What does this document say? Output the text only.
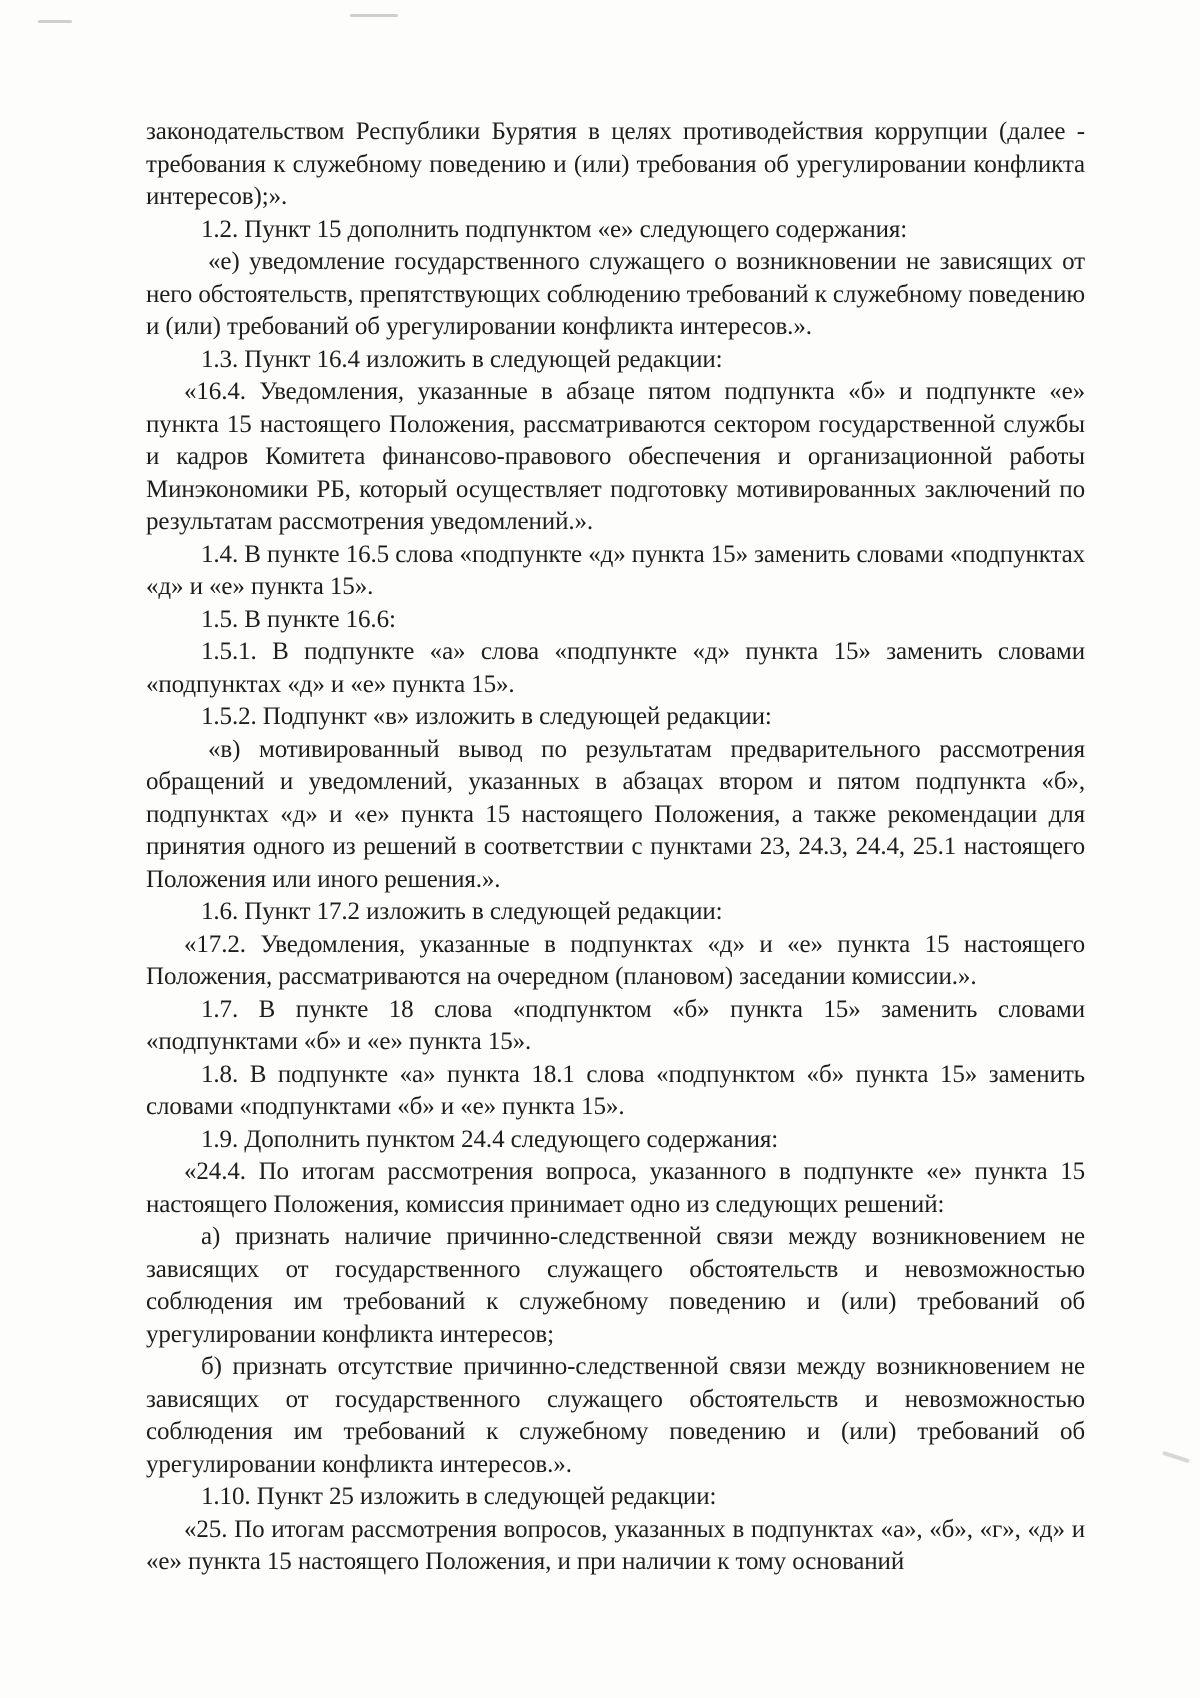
законодательством Республики Бурятия в целях противодействия коррупции (далее - требования к служебному поведению и (или) требования об урегулировании конфликта интересов);».

1.2. Пункт 15 дополнить подпунктом «е» следующего содержания:

«е) уведомление государственного служащего о возникновении не зависящих от него обстоятельств, препятствующих соблюдению требований к служебному поведению и (или) требований об урегулировании конфликта интересов.».

1.3. Пункт 16.4 изложить в следующей редакции:

«16.4. Уведомления, указанные в абзаце пятом подпункта «б» и подпункте «е» пункта 15 настоящего Положения, рассматриваются сектором государственной службы и кадров Комитета финансово-правового обеспечения и организационной работы Минэкономики РБ, который осуществляет подготовку мотивированных заключений по результатам рассмотрения уведомлений.».

1.4. В пункте 16.5 слова «подпункте «д» пункта 15» заменить словами «подпунктах «д» и «е» пункта 15».

1.5. В пункте 16.6:

1.5.1. В подпункте «а» слова «подпункте «д» пункта 15» заменить словами «подпунктах «д» и «е» пункта 15».

1.5.2. Подпункт «в» изложить в следующей редакции:

«в) мотивированный вывод по результатам предварительного рассмотрения обращений и уведомлений, указанных в абзацах втором и пятом подпункта «б», подпунктах «д» и «е» пункта 15 настоящего Положения, а также рекомендации для принятия одного из решений в соответствии с пунктами 23, 24.3, 24.4, 25.1 настоящего Положения или иного решения.».

1.6. Пункт 17.2 изложить в следующей редакции:

«17.2. Уведомления, указанные в подпунктах «д» и «е» пункта 15 настоящего Положения, рассматриваются на очередном (плановом) заседании комиссии.».

1.7. В пункте 18 слова «подпунктом «б» пункта 15» заменить словами «подпунктами «б» и «е» пункта 15».

1.8. В подпункте «а» пункта 18.1 слова «подпунктом «б» пункта 15» заменить словами «подпунктами «б» и «е» пункта 15».

1.9. Дополнить пунктом 24.4 следующего содержания:

«24.4. По итогам рассмотрения вопроса, указанного в подпункте «е» пункта 15 настоящего Положения, комиссия принимает одно из следующих решений:

а) признать наличие причинно-следственной связи между возникновением не зависящих от государственного служащего обстоятельств и невозможностью соблюдения им требований к служебному поведению и (или) требований об урегулировании конфликта интересов;

б) признать отсутствие причинно-следственной связи между возникновением не зависящих от государственного служащего обстоятельств и невозможностью соблюдения им требований к служебному поведению и (или) требований об урегулировании конфликта интересов.».

1.10. Пункт 25 изложить в следующей редакции:

«25. По итогам рассмотрения вопросов, указанных в подпунктах «а», «б», «г», «д» и «е» пункта 15 настоящего Положения, и при наличии к тому оснований
